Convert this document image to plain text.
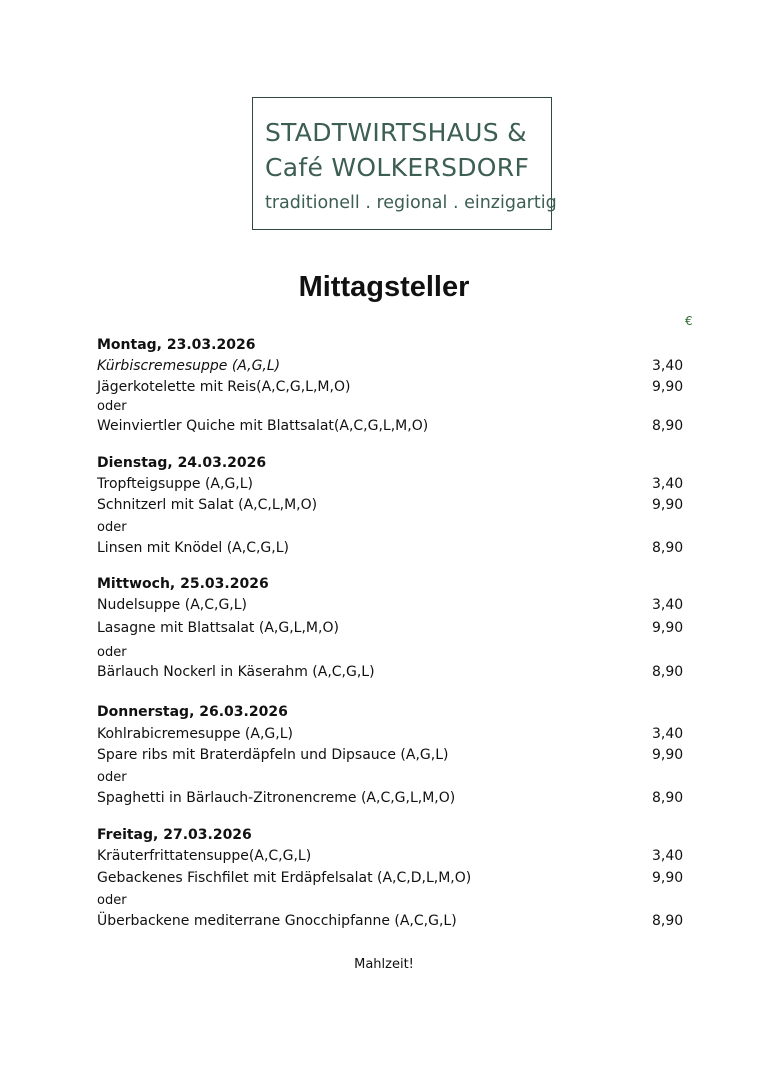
STADTWIRTSHAUS &
Café WOLKERSDORF
traditionell . regional . einzigartig
Mittagsteller
€
Montag, 23.03.2026
Kürbiscremesuppe (A,G,L)	3,40
Jägerkotelette mit Reis(A,C,G,L,M,O)	9,90
oder
Weinviertler Quiche mit Blattsalat(A,C,G,L,M,O)	8,90
Dienstag, 24.03.2026
Tropfteigsuppe (A,G,L)	3,40
Schnitzerl mit Salat (A,C,L,M,O)	9,90
oder
Linsen mit Knödel (A,C,G,L)	8,90
Mittwoch, 25.03.2026
Nudelsuppe (A,C,G,L)	3,40
Lasagne mit Blattsalat (A,G,L,M,O)	9,90
oder
Bärlauch Nockerl in Käserahm (A,C,G,L)	8,90
Donnerstag, 26.03.2026
Kohlrabicremesuppe (A,G,L)	3,40
Spare ribs mit Braterdäpfeln und Dipsauce (A,G,L)	9,90
oder
Spaghetti in Bärlauch-Zitronencreme (A,C,G,L,M,O)	8,90
Freitag, 27.03.2026
Kräuterfrittatensuppe(A,C,G,L)	3,40
Gebackenes Fischfilet mit Erdäpfelsalat (A,C,D,L,M,O)	9,90
oder
Überbackene mediterrane Gnocchipfanne (A,C,G,L)	8,90
Mahlzeit!
